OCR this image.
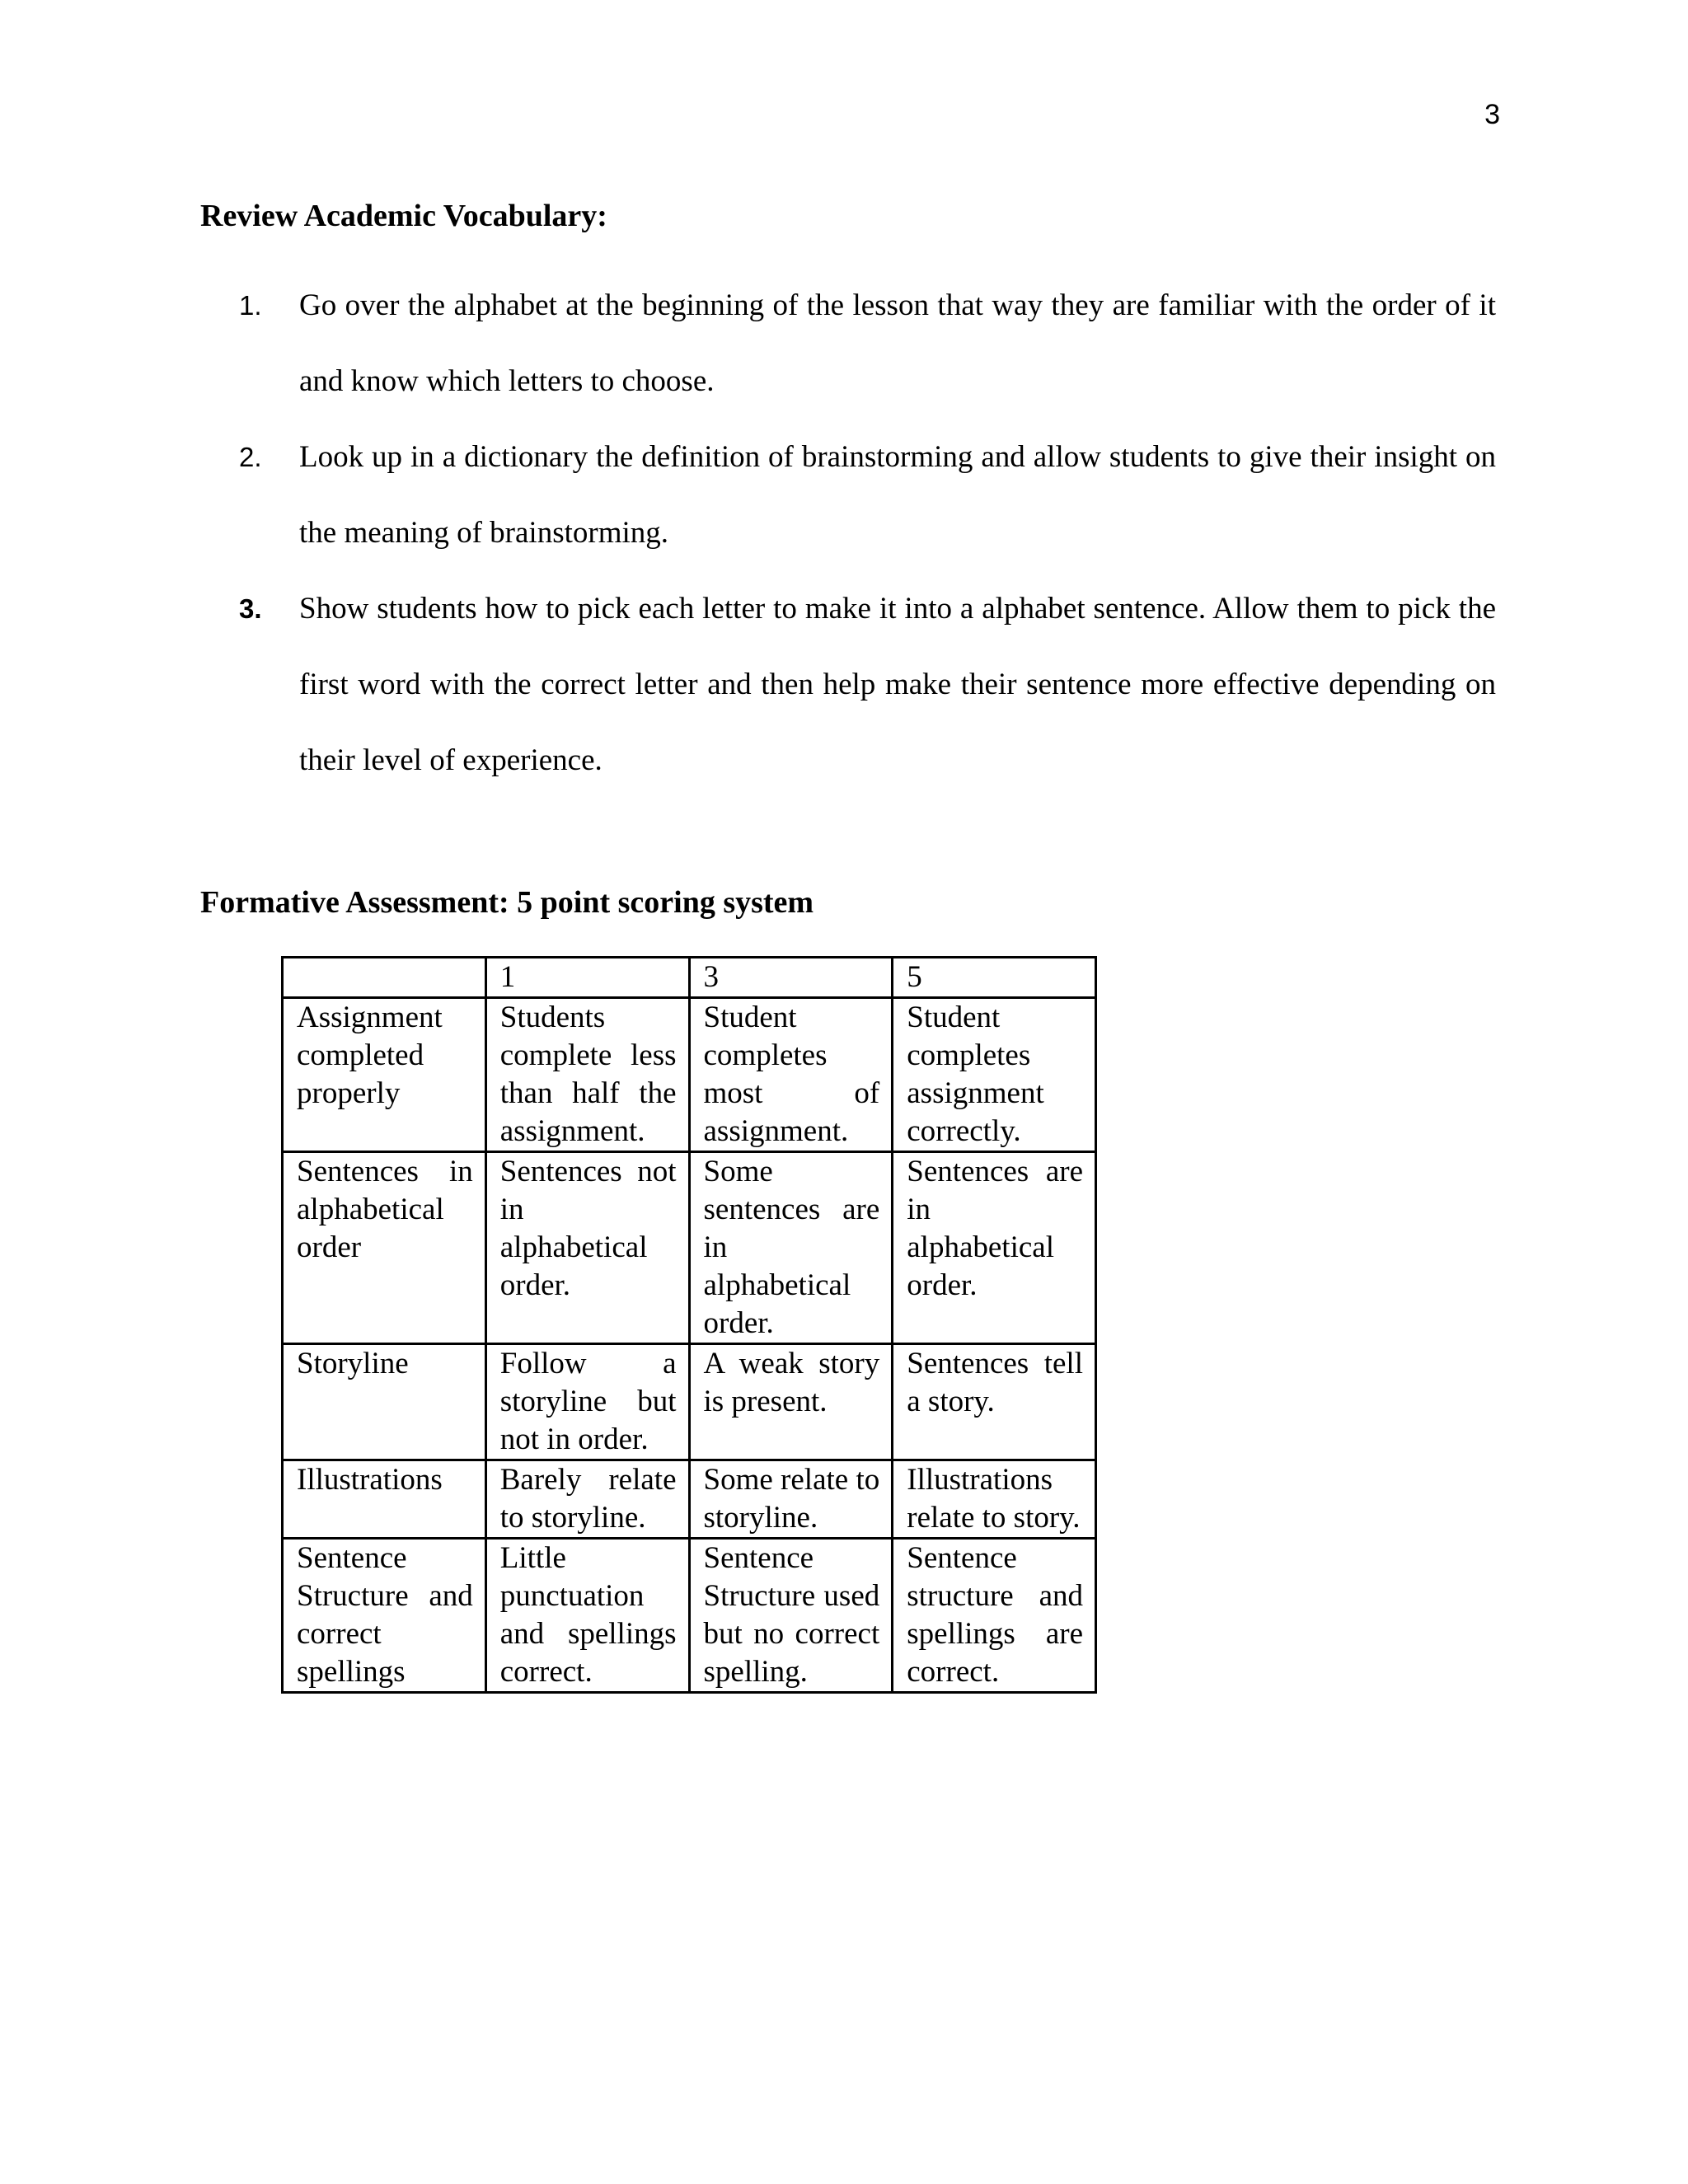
3
Review Academic Vocabulary:
1. Go over the alphabet at the beginning of the lesson that way they are familiar with the order of it and know which letters to choose.
2. Look up in a dictionary the definition of brainstorming and allow students to give their insight on the meaning of brainstorming.
3. Show students how to pick each letter to make it into a alphabet sentence. Allow them to pick the first word with the correct letter and then help make their sentence more effective depending on their level of experience.
Formative Assessment: 5 point scoring system
	1	3	5
Assignment completed properly	Students complete less than half the assignment.	Student completes most of assignment.	Student completes assignment correctly.
Sentences in alphabetical order	Sentences not in alphabetical order.	Some sentences are in alphabetical order.	Sentences are in alphabetical order.
Storyline	Follow a storyline but not in order.	A weak story is present.	Sentences tell a story.
Illustrations	Barely relate to storyline.	Some relate to storyline.	Illustrations relate to story.
Sentence Structure and correct spellings	Little punctuation and spellings correct.	Sentence Structure used but no correct spelling.	Sentence structure and spellings are correct.
